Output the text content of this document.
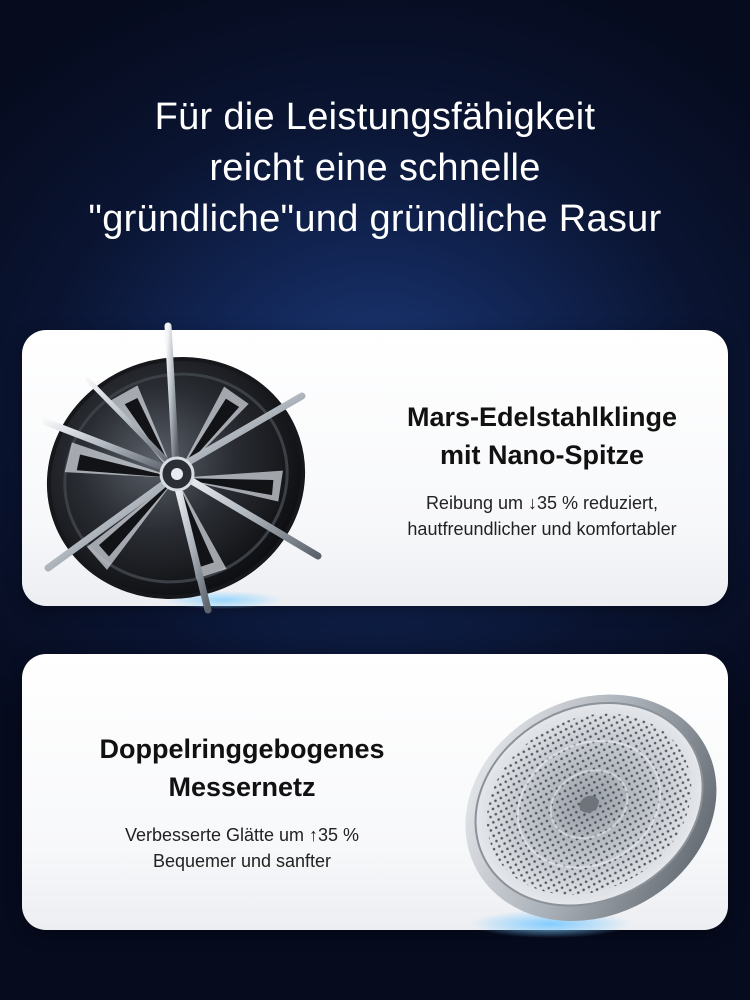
Für die Leistungsfähigkeit
reicht eine schnelle
"gründliche"und gründliche Rasur
Mars-Edelstahlklinge
mit Nano-Spitze
Reibung um ↓35 % reduziert,
hautfreundlicher und komfortabler
Doppelringgebogenes
Messernetz
Verbesserte Glätte um ↑35 %
Bequemer und sanfter
